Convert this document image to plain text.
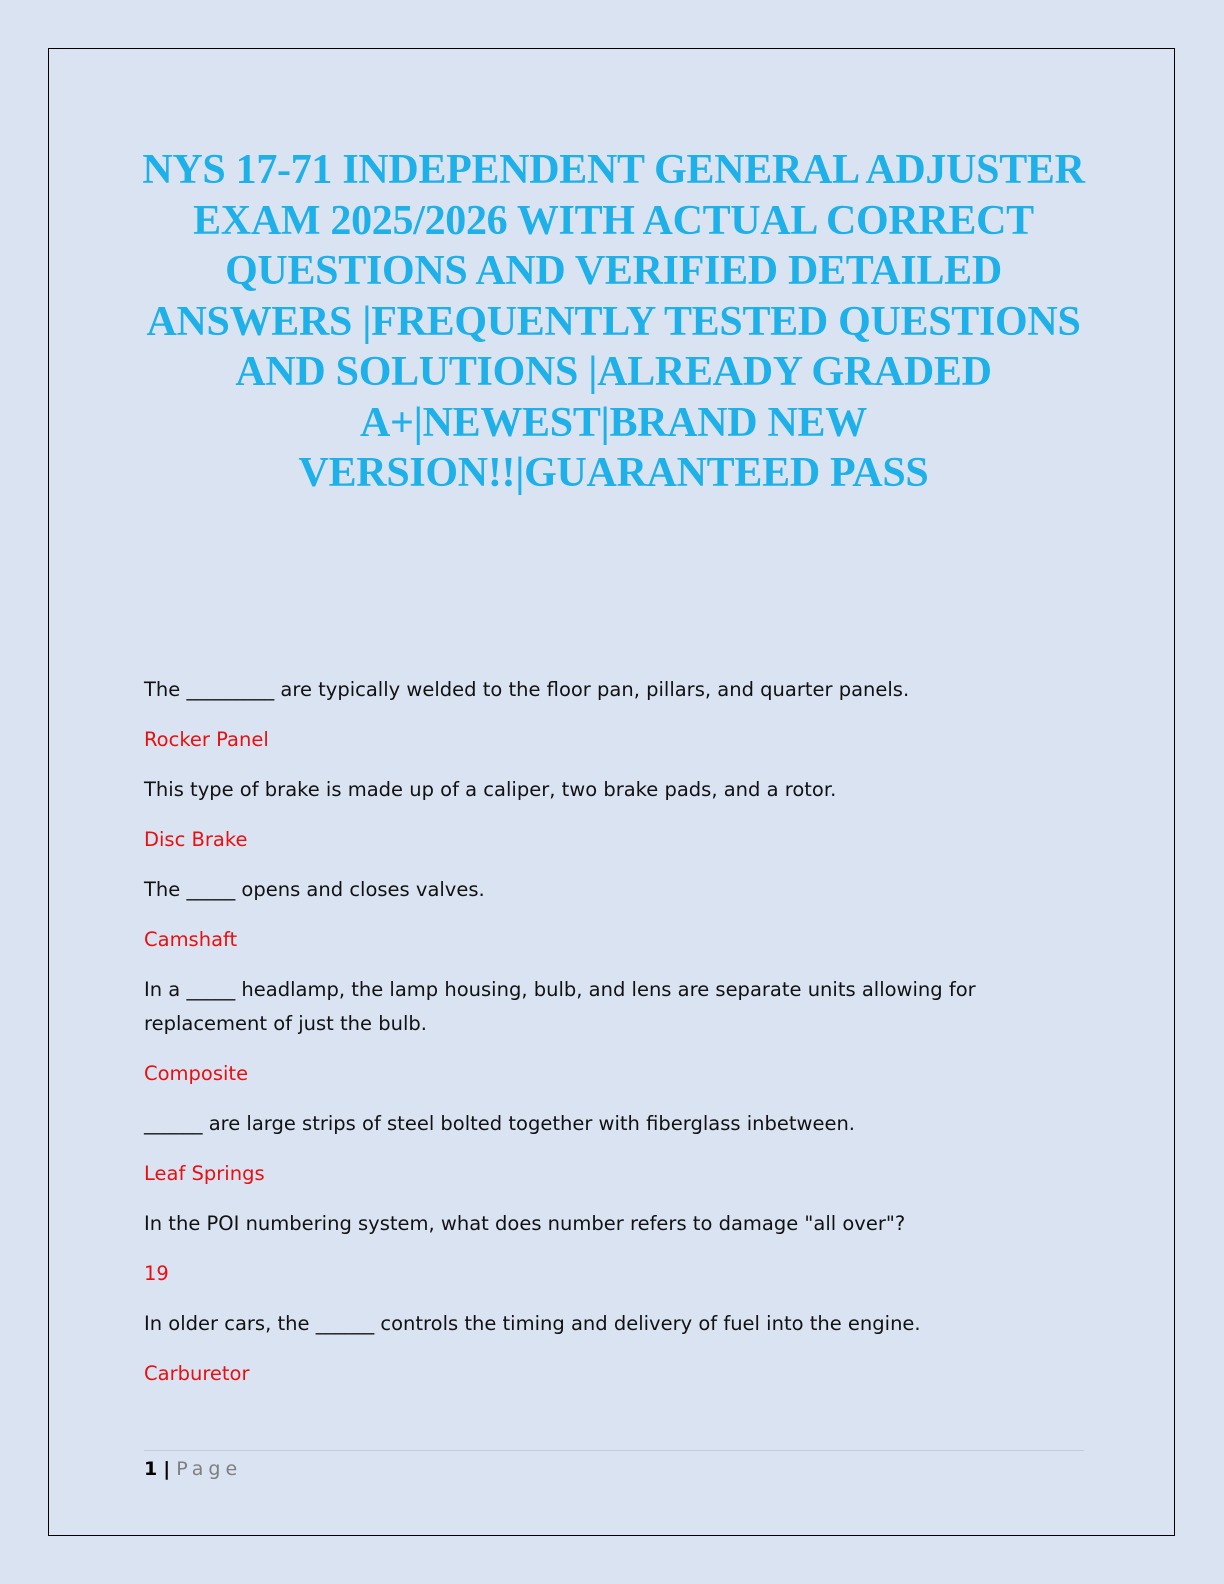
NYS 17-71 INDEPENDENT GENERAL ADJUSTER EXAM 2025/2026 WITH ACTUAL CORRECT QUESTIONS AND VERIFIED DETAILED ANSWERS |FREQUENTLY TESTED QUESTIONS AND SOLUTIONS |ALREADY GRADED A+|NEWEST|BRAND NEW VERSION!!|GUARANTEED PASS

The _________ are typically welded to the floor pan, pillars, and quarter panels.

Rocker Panel

This type of brake is made up of a caliper, two brake pads, and a rotor.

Disc Brake

The _____ opens and closes valves.

Camshaft

In a _____ headlamp, the lamp housing, bulb, and lens are separate units allowing for replacement of just the bulb.

Composite

______ are large strips of steel bolted together with fiberglass inbetween.

Leaf Springs

In the POI numbering system, what does number refers to damage "all over"?

19

In older cars, the ______ controls the timing and delivery of fuel into the engine.

Carburetor

1 | Page
